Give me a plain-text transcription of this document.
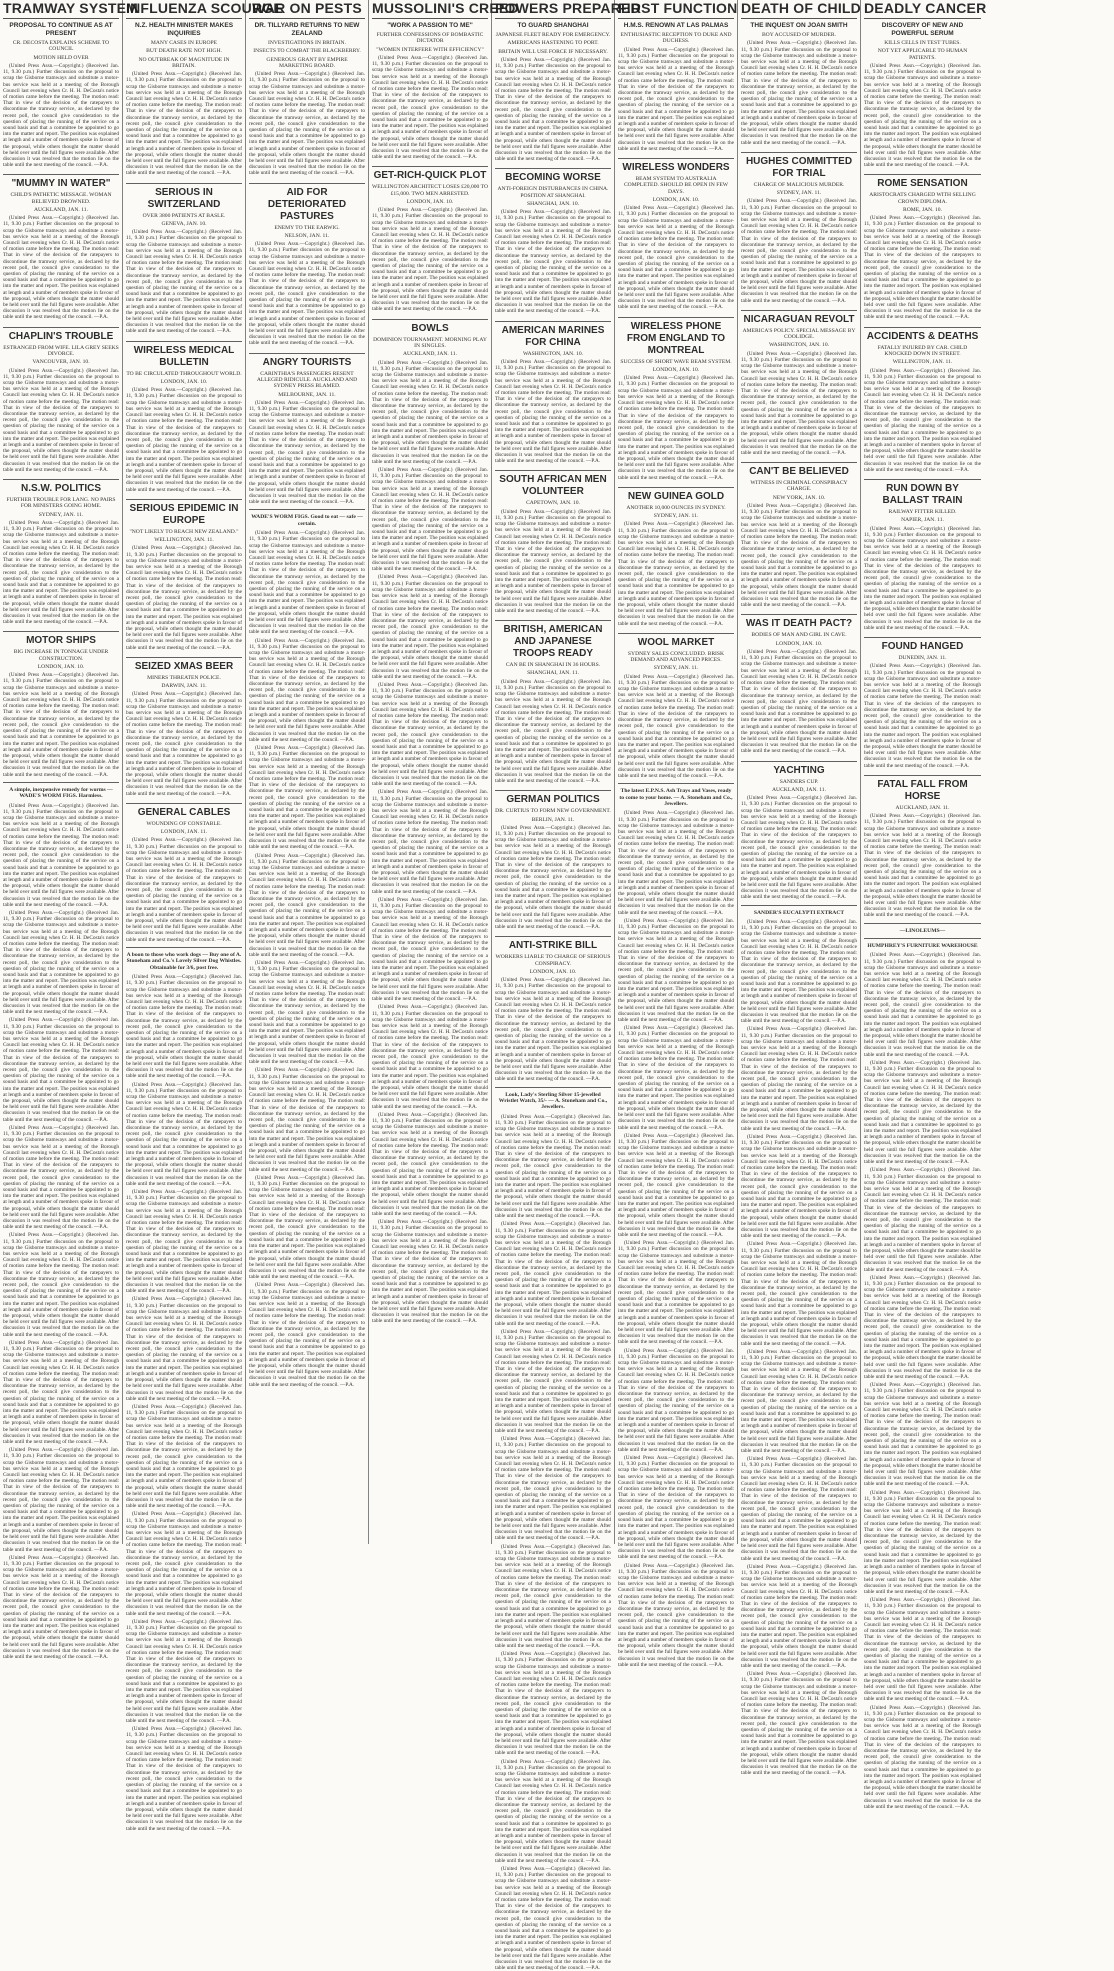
TRAMWAY SYSTEM
PROPOSAL TO CONTINUE AS AT PRESENT
CR. DECOSTA EXPLAINS SCHEME TO COUNCIL
MOTION HELD OVER

(United Press Assn.—Copyright.) (Received Jan. 11, 9.30 p.m.) Further discussion on the proposal to scrap the Gisborne tramways and substitute a motor-bus service was held at a meeting of the Borough Council last evening when Cr. H. H. DeCosta's notice of motion came before the meeting. The motion read: That in view of the decision of the ratepayers to discontinue the tramway service, as declared by the recent poll, the council give consideration to the question of placing the running of the service on a sound basis and that a committee be appointed to go into the matter and report. The position was explained at length and a number of members spoke in favour of the proposal, while others thought the matter should be held over until the full figures were available. After discussion it was resolved that the motion lie on the table until the next meeting of the council. —P.A.

"MUMMY IN WATER"
CHILD'S PATHETIC MESSAGE. WOMAN BELIEVED DROWNED.
AUCKLAND, JAN. 11.

(United Press Assn.—Copyright.) (Received Jan. 11, 9.30 p.m.) Further discussion on the proposal to scrap the Gisborne tramways and substitute a motor-bus service was held at a meeting of the Borough Council last evening when Cr. H. H. DeCosta's notice of motion came before the meeting. The motion read: That in view of the decision of the ratepayers to discontinue the tramway service, as declared by the recent poll, the council give consideration to the question of placing the running of the service on a sound basis and that a committee be appointed to go into the matter and report. The position was explained at length and a number of members spoke in favour of the proposal, while others thought the matter should be held over until the full figures were available. After discussion it was resolved that the motion lie on the table until the next meeting of the council. —P.A.

CHAPLIN'S TROUBLE
ESTRANGED FROM WIFE. LILA GREY SEEKS DIVORCE.
VANCOUVER, JAN. 10.

(United Press Assn.—Copyright.) (Received Jan. 11, 9.30 p.m.) Further discussion on the proposal to scrap the Gisborne tramways and substitute a motor-bus service was held at a meeting of the Borough Council last evening when Cr. H. H. DeCosta's notice of motion came before the meeting. The motion read: That in view of the decision of the ratepayers to discontinue the tramway service, as declared by the recent poll, the council give consideration to the question of placing the running of the service on a sound basis and that a committee be appointed to go into the matter and report. The position was explained at length and a number of members spoke in favour of the proposal, while others thought the matter should be held over until the full figures were available. After discussion it was resolved that the motion lie on the table until the next meeting of the council. —P.A.

N.S.W. POLITICS
FURTHER TROUBLE FOR LANG. NO PAIRS FOR MINISTERS GOING HOME.
SYDNEY, JAN. 11.

(United Press Assn.—Copyright.) (Received Jan. 11, 9.30 p.m.) Further discussion on the proposal to scrap the Gisborne tramways and substitute a motor-bus service was held at a meeting of the Borough Council last evening when Cr. H. H. DeCosta's notice of motion came before the meeting. The motion read: That in view of the decision of the ratepayers to discontinue the tramway service, as declared by the recent poll, the council give consideration to the question of placing the running of the service on a sound basis and that a committee be appointed to go into the matter and report. The position was explained at length and a number of members spoke in favour of the proposal, while others thought the matter should be held over until the full figures were available. After discussion it was resolved that the motion lie on the table until the next meeting of the council. —P.A.

MOTOR SHIPS
BIG INCREASE IN TONNAGE UNDER CONSTRUCTION.
LONDON, JAN. 10.

(United Press Assn.—Copyright.) (Received Jan. 11, 9.30 p.m.) Further discussion on the proposal to scrap the Gisborne tramways and substitute a motor-bus service was held at a meeting of the Borough Council last evening when Cr. H. H. DeCosta's notice of motion came before the meeting. The motion read: That in view of the decision of the ratepayers to discontinue the tramway service, as declared by the recent poll, the council give consideration to the question of placing the running of the service on a sound basis and that a committee be appointed to go into the matter and report. The position was explained at length and a number of members spoke in favour of the proposal, while others thought the matter should be held over until the full figures were available. After discussion it was resolved that the motion lie on the table until the next meeting of the council. —P.A.

A simple, inexpensive remedy for worms — WADE'S WORM FIGS. Harmless.

(United Press Assn.—Copyright.) (Received Jan. 11, 9.30 p.m.) Further discussion on the proposal to scrap the Gisborne tramways and substitute a motor-bus service was held at a meeting of the Borough Council last evening when Cr. H. H. DeCosta's notice of motion came before the meeting. The motion read: That in view of the decision of the ratepayers to discontinue the tramway service, as declared by the recent poll, the council give consideration to the question of placing the running of the service on a sound basis and that a committee be appointed to go into the matter and report. The position was explained at length and a number of members spoke in favour of the proposal, while others thought the matter should be held over until the full figures were available. After discussion it was resolved that the motion lie on the table until the next meeting of the council. —P.A.

(United Press Assn.—Copyright.) (Received Jan. 11, 9.30 p.m.) Further discussion on the proposal to scrap the Gisborne tramways and substitute a motor-bus service was held at a meeting of the Borough Council last evening when Cr. H. H. DeCosta's notice of motion came before the meeting. The motion read: That in view of the decision of the ratepayers to discontinue the tramway service, as declared by the recent poll, the council give consideration to the question of placing the running of the service on a sound basis and that a committee be appointed to go into the matter and report. The position was explained at length and a number of members spoke in favour of the proposal, while others thought the matter should be held over until the full figures were available. After discussion it was resolved that the motion lie on the table until the next meeting of the council. —P.A.

(United Press Assn.—Copyright.) (Received Jan. 11, 9.30 p.m.) Further discussion on the proposal to scrap the Gisborne tramways and substitute a motor-bus service was held at a meeting of the Borough Council last evening when Cr. H. H. DeCosta's notice of motion came before the meeting. The motion read: That in view of the decision of the ratepayers to discontinue the tramway service, as declared by the recent poll, the council give consideration to the question of placing the running of the service on a sound basis and that a committee be appointed to go into the matter and report. The position was explained at length and a number of members spoke in favour of the proposal, while others thought the matter should be held over until the full figures were available. After discussion it was resolved that the motion lie on the table until the next meeting of the council. —P.A.

(United Press Assn.—Copyright.) (Received Jan. 11, 9.30 p.m.) Further discussion on the proposal to scrap the Gisborne tramways and substitute a motor-bus service was held at a meeting of the Borough Council last evening when Cr. H. H. DeCosta's notice of motion came before the meeting. The motion read: That in view of the decision of the ratepayers to discontinue the tramway service, as declared by the recent poll, the council give consideration to the question of placing the running of the service on a sound basis and that a committee be appointed to go into the matter and report. The position was explained at length and a number of members spoke in favour of the proposal, while others thought the matter should be held over until the full figures were available. After discussion it was resolved that the motion lie on the table until the next meeting of the council. —P.A.

(United Press Assn.—Copyright.) (Received Jan. 11, 9.30 p.m.) Further discussion on the proposal to scrap the Gisborne tramways and substitute a motor-bus service was held at a meeting of the Borough Council last evening when Cr. H. H. DeCosta's notice of motion came before the meeting. The motion read: That in view of the decision of the ratepayers to discontinue the tramway service, as declared by the recent poll, the council give consideration to the question of placing the running of the service on a sound basis and that a committee be appointed to go into the matter and report. The position was explained at length and a number of members spoke in favour of the proposal, while others thought the matter should be held over until the full figures were available. After discussion it was resolved that the motion lie on the table until the next meeting of the council. —P.A.

(United Press Assn.—Copyright.) (Received Jan. 11, 9.30 p.m.) Further discussion on the proposal to scrap the Gisborne tramways and substitute a motor-bus service was held at a meeting of the Borough Council last evening when Cr. H. H. DeCosta's notice of motion came before the meeting. The motion read: That in view of the decision of the ratepayers to discontinue the tramway service, as declared by the recent poll, the council give consideration to the question of placing the running of the service on a sound basis and that a committee be appointed to go into the matter and report. The position was explained at length and a number of members spoke in favour of the proposal, while others thought the matter should be held over until the full figures were available. After discussion it was resolved that the motion lie on the table until the next meeting of the council. —P.A.

(United Press Assn.—Copyright.) (Received Jan. 11, 9.30 p.m.) Further discussion on the proposal to scrap the Gisborne tramways and substitute a motor-bus service was held at a meeting of the Borough Council last evening when Cr. H. H. DeCosta's notice of motion came before the meeting. The motion read: That in view of the decision of the ratepayers to discontinue the tramway service, as declared by the recent poll, the council give consideration to the question of placing the running of the service on a sound basis and that a committee be appointed to go into the matter and report. The position was explained at length and a number of members spoke in favour of the proposal, while others thought the matter should be held over until the full figures were available. After discussion it was resolved that the motion lie on the table until the next meeting of the council. —P.A.

(United Press Assn.—Copyright.) (Received Jan. 11, 9.30 p.m.) Further discussion on the proposal to scrap the Gisborne tramways and substitute a motor-bus service was held at a meeting of the Borough Council last evening when Cr. H. H. DeCosta's notice of motion came before the meeting. The motion read: That in view of the decision of the ratepayers to discontinue the tramway service, as declared by the recent poll, the council give consideration to the question of placing the running of the service on a sound basis and that a committee be appointed to go into the matter and report. The position was explained at length and a number of members spoke in favour of the proposal, while others thought the matter should be held over until the full figures were available. After discussion it was resolved that the motion lie on the table until the next meeting of the council. —P.A.

INFLUENZA SCOURGE
N.Z. HEALTH MINISTER MAKES INQUIRIES
MANY CASES IN EUROPE
BUT DEATH RATE NOT HIGH.
NO OUTBREAK OF MAGNITUDE IN BRITAIN.

(United Press Assn.—Copyright.) (Received Jan. 11, 9.30 p.m.) Further discussion on the proposal to scrap the Gisborne tramways and substitute a motor-bus service was held at a meeting of the Borough Council last evening when Cr. H. H. DeCosta's notice of motion came before the meeting. The motion read: That in view of the decision of the ratepayers to discontinue the tramway service, as declared by the recent poll, the council give consideration to the question of placing the running of the service on a sound basis and that a committee be appointed to go into the matter and report. The position was explained at length and a number of members spoke in favour of the proposal, while others thought the matter should be held over until the full figures were available. After discussion it was resolved that the motion lie on the table until the next meeting of the council. —P.A.

SERIOUS IN SWITZERLAND
OVER 3800 PATIENTS AT BASLE.
GENEVA, JAN. 10.

(United Press Assn.—Copyright.) (Received Jan. 11, 9.30 p.m.) Further discussion on the proposal to scrap the Gisborne tramways and substitute a motor-bus service was held at a meeting of the Borough Council last evening when Cr. H. H. DeCosta's notice of motion came before the meeting. The motion read: That in view of the decision of the ratepayers to discontinue the tramway service, as declared by the recent poll, the council give consideration to the question of placing the running of the service on a sound basis and that a committee be appointed to go into the matter and report. The position was explained at length and a number of members spoke in favour of the proposal, while others thought the matter should be held over until the full figures were available. After discussion it was resolved that the motion lie on the table until the next meeting of the council. —P.A.

WIRELESS MEDICAL BULLETIN
TO BE CIRCULATED THROUGHOUT WORLD.
LONDON, JAN. 10.

(United Press Assn.—Copyright.) (Received Jan. 11, 9.30 p.m.) Further discussion on the proposal to scrap the Gisborne tramways and substitute a motor-bus service was held at a meeting of the Borough Council last evening when Cr. H. H. DeCosta's notice of motion came before the meeting. The motion read: That in view of the decision of the ratepayers to discontinue the tramway service, as declared by the recent poll, the council give consideration to the question of placing the running of the service on a sound basis and that a committee be appointed to go into the matter and report. The position was explained at length and a number of members spoke in favour of the proposal, while others thought the matter should be held over until the full figures were available. After discussion it was resolved that the motion lie on the table until the next meeting of the council. —P.A.

SERIOUS EPIDEMIC IN EUROPE
"NOT LIKELY TO REACH NEW ZEALAND."
WELLINGTON, JAN. 11.

(United Press Assn.—Copyright.) (Received Jan. 11, 9.30 p.m.) Further discussion on the proposal to scrap the Gisborne tramways and substitute a motor-bus service was held at a meeting of the Borough Council last evening when Cr. H. H. DeCosta's notice of motion came before the meeting. The motion read: That in view of the decision of the ratepayers to discontinue the tramway service, as declared by the recent poll, the council give consideration to the question of placing the running of the service on a sound basis and that a committee be appointed to go into the matter and report. The position was explained at length and a number of members spoke in favour of the proposal, while others thought the matter should be held over until the full figures were available. After discussion it was resolved that the motion lie on the table until the next meeting of the council. —P.A.

SEIZED XMAS BEER
MINERS THREATEN POLICE.
DARWIN, JAN. 11.

(United Press Assn.—Copyright.) (Received Jan. 11, 9.30 p.m.) Further discussion on the proposal to scrap the Gisborne tramways and substitute a motor-bus service was held at a meeting of the Borough Council last evening when Cr. H. H. DeCosta's notice of motion came before the meeting. The motion read: That in view of the decision of the ratepayers to discontinue the tramway service, as declared by the recent poll, the council give consideration to the question of placing the running of the service on a sound basis and that a committee be appointed to go into the matter and report. The position was explained at length and a number of members spoke in favour of the proposal, while others thought the matter should be held over until the full figures were available. After discussion it was resolved that the motion lie on the table until the next meeting of the council. —P.A.

GENERAL CABLES
WOUNDING OF CONSTABLE.
LONDON, JAN. 11.

(United Press Assn.—Copyright.) (Received Jan. 11, 9.30 p.m.) Further discussion on the proposal to scrap the Gisborne tramways and substitute a motor-bus service was held at a meeting of the Borough Council last evening when Cr. H. H. DeCosta's notice of motion came before the meeting. The motion read: That in view of the decision of the ratepayers to discontinue the tramway service, as declared by the recent poll, the council give consideration to the question of placing the running of the service on a sound basis and that a committee be appointed to go into the matter and report. The position was explained at length and a number of members spoke in favour of the proposal, while others thought the matter should be held over until the full figures were available. After discussion it was resolved that the motion lie on the table until the next meeting of the council. —P.A.

A boon to those who work dogs — Buy one of A. Stoneham and Co.'s Lovely Silver Dog Whistles. Obtainable for 3/6, post free.

(United Press Assn.—Copyright.) (Received Jan. 11, 9.30 p.m.) Further discussion on the proposal to scrap the Gisborne tramways and substitute a motor-bus service was held at a meeting of the Borough Council last evening when Cr. H. H. DeCosta's notice of motion came before the meeting. The motion read: That in view of the decision of the ratepayers to discontinue the tramway service, as declared by the recent poll, the council give consideration to the question of placing the running of the service on a sound basis and that a committee be appointed to go into the matter and report. The position was explained at length and a number of members spoke in favour of the proposal, while others thought the matter should be held over until the full figures were available. After discussion it was resolved that the motion lie on the table until the next meeting of the council. —P.A.

(United Press Assn.—Copyright.) (Received Jan. 11, 9.30 p.m.) Further discussion on the proposal to scrap the Gisborne tramways and substitute a motor-bus service was held at a meeting of the Borough Council last evening when Cr. H. H. DeCosta's notice of motion came before the meeting. The motion read: That in view of the decision of the ratepayers to discontinue the tramway service, as declared by the recent poll, the council give consideration to the question of placing the running of the service on a sound basis and that a committee be appointed to go into the matter and report. The position was explained at length and a number of members spoke in favour of the proposal, while others thought the matter should be held over until the full figures were available. After discussion it was resolved that the motion lie on the table until the next meeting of the council. —P.A.

(United Press Assn.—Copyright.) (Received Jan. 11, 9.30 p.m.) Further discussion on the proposal to scrap the Gisborne tramways and substitute a motor-bus service was held at a meeting of the Borough Council last evening when Cr. H. H. DeCosta's notice of motion came before the meeting. The motion read: That in view of the decision of the ratepayers to discontinue the tramway service, as declared by the recent poll, the council give consideration to the question of placing the running of the service on a sound basis and that a committee be appointed to go into the matter and report. The position was explained at length and a number of members spoke in favour of the proposal, while others thought the matter should be held over until the full figures were available. After discussion it was resolved that the motion lie on the table until the next meeting of the council. —P.A.

(United Press Assn.—Copyright.) (Received Jan. 11, 9.30 p.m.) Further discussion on the proposal to scrap the Gisborne tramways and substitute a motor-bus service was held at a meeting of the Borough Council last evening when Cr. H. H. DeCosta's notice of motion came before the meeting. The motion read: That in view of the decision of the ratepayers to discontinue the tramway service, as declared by the recent poll, the council give consideration to the question of placing the running of the service on a sound basis and that a committee be appointed to go into the matter and report. The position was explained at length and a number of members spoke in favour of the proposal, while others thought the matter should be held over until the full figures were available. After discussion it was resolved that the motion lie on the table until the next meeting of the council. —P.A.

(United Press Assn.—Copyright.) (Received Jan. 11, 9.30 p.m.) Further discussion on the proposal to scrap the Gisborne tramways and substitute a motor-bus service was held at a meeting of the Borough Council last evening when Cr. H. H. DeCosta's notice of motion came before the meeting. The motion read: That in view of the decision of the ratepayers to discontinue the tramway service, as declared by the recent poll, the council give consideration to the question of placing the running of the service on a sound basis and that a committee be appointed to go into the matter and report. The position was explained at length and a number of members spoke in favour of the proposal, while others thought the matter should be held over until the full figures were available. After discussion it was resolved that the motion lie on the table until the next meeting of the council. —P.A.

(United Press Assn.—Copyright.) (Received Jan. 11, 9.30 p.m.) Further discussion on the proposal to scrap the Gisborne tramways and substitute a motor-bus service was held at a meeting of the Borough Council last evening when Cr. H. H. DeCosta's notice of motion came before the meeting. The motion read: That in view of the decision of the ratepayers to discontinue the tramway service, as declared by the recent poll, the council give consideration to the question of placing the running of the service on a sound basis and that a committee be appointed to go into the matter and report. The position was explained at length and a number of members spoke in favour of the proposal, while others thought the matter should be held over until the full figures were available. After discussion it was resolved that the motion lie on the table until the next meeting of the council. —P.A.

(United Press Assn.—Copyright.) (Received Jan. 11, 9.30 p.m.) Further discussion on the proposal to scrap the Gisborne tramways and substitute a motor-bus service was held at a meeting of the Borough Council last evening when Cr. H. H. DeCosta's notice of motion came before the meeting. The motion read: That in view of the decision of the ratepayers to discontinue the tramway service, as declared by the recent poll, the council give consideration to the question of placing the running of the service on a sound basis and that a committee be appointed to go into the matter and report. The position was explained at length and a number of members spoke in favour of the proposal, while others thought the matter should be held over until the full figures were available. After discussion it was resolved that the motion lie on the table until the next meeting of the council. —P.A.

(United Press Assn.—Copyright.) (Received Jan. 11, 9.30 p.m.) Further discussion on the proposal to scrap the Gisborne tramways and substitute a motor-bus service was held at a meeting of the Borough Council last evening when Cr. H. H. DeCosta's notice of motion came before the meeting. The motion read: That in view of the decision of the ratepayers to discontinue the tramway service, as declared by the recent poll, the council give consideration to the question of placing the running of the service on a sound basis and that a committee be appointed to go into the matter and report. The position was explained at length and a number of members spoke in favour of the proposal, while others thought the matter should be held over until the full figures were available. After discussion it was resolved that the motion lie on the table until the next meeting of the council. —P.A.

WAR ON PESTS
DR. TILLYARD RETURNS TO NEW ZEALAND
INVESTIGATIONS IN BRITAIN.
INSECTS TO COMBAT THE BLACKBERRY.
GENEROUS GRANT BY EMPIRE MARKETING BOARD.

(United Press Assn.—Copyright.) (Received Jan. 11, 9.30 p.m.) Further discussion on the proposal to scrap the Gisborne tramways and substitute a motor-bus service was held at a meeting of the Borough Council last evening when Cr. H. H. DeCosta's notice of motion came before the meeting. The motion read: That in view of the decision of the ratepayers to discontinue the tramway service, as declared by the recent poll, the council give consideration to the question of placing the running of the service on a sound basis and that a committee be appointed to go into the matter and report. The position was explained at length and a number of members spoke in favour of the proposal, while others thought the matter should be held over until the full figures were available. After discussion it was resolved that the motion lie on the table until the next meeting of the council. —P.A.

AID FOR DETERIORATED PASTURES
ENEMY TO THE EARWIG.
NELSON, JAN. 11.

(United Press Assn.—Copyright.) (Received Jan. 11, 9.30 p.m.) Further discussion on the proposal to scrap the Gisborne tramways and substitute a motor-bus service was held at a meeting of the Borough Council last evening when Cr. H. H. DeCosta's notice of motion came before the meeting. The motion read: That in view of the decision of the ratepayers to discontinue the tramway service, as declared by the recent poll, the council give consideration to the question of placing the running of the service on a sound basis and that a committee be appointed to go into the matter and report. The position was explained at length and a number of members spoke in favour of the proposal, while others thought the matter should be held over until the full figures were available. After discussion it was resolved that the motion lie on the table until the next meeting of the council. —P.A.

ANGRY TOURISTS
CARINTHIA'S PASSENGERS RESENT ALLEGED RIDICULE. AUCKLAND AND SYDNEY PRESS BLAMED.
MELBOURNE, JAN. 11.

(United Press Assn.—Copyright.) (Received Jan. 11, 9.30 p.m.) Further discussion on the proposal to scrap the Gisborne tramways and substitute a motor-bus service was held at a meeting of the Borough Council last evening when Cr. H. H. DeCosta's notice of motion came before the meeting. The motion read: That in view of the decision of the ratepayers to discontinue the tramway service, as declared by the recent poll, the council give consideration to the question of placing the running of the service on a sound basis and that a committee be appointed to go into the matter and report. The position was explained at length and a number of members spoke in favour of the proposal, while others thought the matter should be held over until the full figures were available. After discussion it was resolved that the motion lie on the table until the next meeting of the council. —P.A.

WADE'S WORM FIGS. Good to eat — safe — certain.

(United Press Assn.—Copyright.) (Received Jan. 11, 9.30 p.m.) Further discussion on the proposal to scrap the Gisborne tramways and substitute a motor-bus service was held at a meeting of the Borough Council last evening when Cr. H. H. DeCosta's notice of motion came before the meeting. The motion read: That in view of the decision of the ratepayers to discontinue the tramway service, as declared by the recent poll, the council give consideration to the question of placing the running of the service on a sound basis and that a committee be appointed to go into the matter and report. The position was explained at length and a number of members spoke in favour of the proposal, while others thought the matter should be held over until the full figures were available. After discussion it was resolved that the motion lie on the table until the next meeting of the council. —P.A.

(United Press Assn.—Copyright.) (Received Jan. 11, 9.30 p.m.) Further discussion on the proposal to scrap the Gisborne tramways and substitute a motor-bus service was held at a meeting of the Borough Council last evening when Cr. H. H. DeCosta's notice of motion came before the meeting. The motion read: That in view of the decision of the ratepayers to discontinue the tramway service, as declared by the recent poll, the council give consideration to the question of placing the running of the service on a sound basis and that a committee be appointed to go into the matter and report. The position was explained at length and a number of members spoke in favour of the proposal, while others thought the matter should be held over until the full figures were available. After discussion it was resolved that the motion lie on the table until the next meeting of the council. —P.A.

(United Press Assn.—Copyright.) (Received Jan. 11, 9.30 p.m.) Further discussion on the proposal to scrap the Gisborne tramways and substitute a motor-bus service was held at a meeting of the Borough Council last evening when Cr. H. H. DeCosta's notice of motion came before the meeting. The motion read: That in view of the decision of the ratepayers to discontinue the tramway service, as declared by the recent poll, the council give consideration to the question of placing the running of the service on a sound basis and that a committee be appointed to go into the matter and report. The position was explained at length and a number of members spoke in favour of the proposal, while others thought the matter should be held over until the full figures were available. After discussion it was resolved that the motion lie on the table until the next meeting of the council. —P.A.

(United Press Assn.—Copyright.) (Received Jan. 11, 9.30 p.m.) Further discussion on the proposal to scrap the Gisborne tramways and substitute a motor-bus service was held at a meeting of the Borough Council last evening when Cr. H. H. DeCosta's notice of motion came before the meeting. The motion read: That in view of the decision of the ratepayers to discontinue the tramway service, as declared by the recent poll, the council give consideration to the question of placing the running of the service on a sound basis and that a committee be appointed to go into the matter and report. The position was explained at length and a number of members spoke in favour of the proposal, while others thought the matter should be held over until the full figures were available. After discussion it was resolved that the motion lie on the table until the next meeting of the council. —P.A.

(United Press Assn.—Copyright.) (Received Jan. 11, 9.30 p.m.) Further discussion on the proposal to scrap the Gisborne tramways and substitute a motor-bus service was held at a meeting of the Borough Council last evening when Cr. H. H. DeCosta's notice of motion came before the meeting. The motion read: That in view of the decision of the ratepayers to discontinue the tramway service, as declared by the recent poll, the council give consideration to the question of placing the running of the service on a sound basis and that a committee be appointed to go into the matter and report. The position was explained at length and a number of members spoke in favour of the proposal, while others thought the matter should be held over until the full figures were available. After discussion it was resolved that the motion lie on the table until the next meeting of the council. —P.A.

(United Press Assn.—Copyright.) (Received Jan. 11, 9.30 p.m.) Further discussion on the proposal to scrap the Gisborne tramways and substitute a motor-bus service was held at a meeting of the Borough Council last evening when Cr. H. H. DeCosta's notice of motion came before the meeting. The motion read: That in view of the decision of the ratepayers to discontinue the tramway service, as declared by the recent poll, the council give consideration to the question of placing the running of the service on a sound basis and that a committee be appointed to go into the matter and report. The position was explained at length and a number of members spoke in favour of the proposal, while others thought the matter should be held over until the full figures were available. After discussion it was resolved that the motion lie on the table until the next meeting of the council. —P.A.

(United Press Assn.—Copyright.) (Received Jan. 11, 9.30 p.m.) Further discussion on the proposal to scrap the Gisborne tramways and substitute a motor-bus service was held at a meeting of the Borough Council last evening when Cr. H. H. DeCosta's notice of motion came before the meeting. The motion read: That in view of the decision of the ratepayers to discontinue the tramway service, as declared by the recent poll, the council give consideration to the question of placing the running of the service on a sound basis and that a committee be appointed to go into the matter and report. The position was explained at length and a number of members spoke in favour of the proposal, while others thought the matter should be held over until the full figures were available. After discussion it was resolved that the motion lie on the table until the next meeting of the council. —P.A.

(United Press Assn.—Copyright.) (Received Jan. 11, 9.30 p.m.) Further discussion on the proposal to scrap the Gisborne tramways and substitute a motor-bus service was held at a meeting of the Borough Council last evening when Cr. H. H. DeCosta's notice of motion came before the meeting. The motion read: That in view of the decision of the ratepayers to discontinue the tramway service, as declared by the recent poll, the council give consideration to the question of placing the running of the service on a sound basis and that a committee be appointed to go into the matter and report. The position was explained at length and a number of members spoke in favour of the proposal, while others thought the matter should be held over until the full figures were available. After discussion it was resolved that the motion lie on the table until the next meeting of the council. —P.A.

MUSSOLINI'S CREED
"WORK A PASSION TO ME"
FURTHER CONFESSIONS OF BOMBASTIC DICTATOR
"WOMEN INTERFERE WITH EFFICIENCY"

(United Press Assn.—Copyright.) (Received Jan. 11, 9.30 p.m.) Further discussion on the proposal to scrap the Gisborne tramways and substitute a motor-bus service was held at a meeting of the Borough Council last evening when Cr. H. H. DeCosta's notice of motion came before the meeting. The motion read: That in view of the decision of the ratepayers to discontinue the tramway service, as declared by the recent poll, the council give consideration to the question of placing the running of the service on a sound basis and that a committee be appointed to go into the matter and report. The position was explained at length and a number of members spoke in favour of the proposal, while others thought the matter should be held over until the full figures were available. After discussion it was resolved that the motion lie on the table until the next meeting of the council. —P.A.

GET-RICH-QUICK PLOT
WELLINGTON ARCHITECT LOSES £20,000 TO £15,000. TWO MEN ARRESTED.
LONDON, JAN. 10.

(United Press Assn.—Copyright.) (Received Jan. 11, 9.30 p.m.) Further discussion on the proposal to scrap the Gisborne tramways and substitute a motor-bus service was held at a meeting of the Borough Council last evening when Cr. H. H. DeCosta's notice of motion came before the meeting. The motion read: That in view of the decision of the ratepayers to discontinue the tramway service, as declared by the recent poll, the council give consideration to the question of placing the running of the service on a sound basis and that a committee be appointed to go into the matter and report. The position was explained at length and a number of members spoke in favour of the proposal, while others thought the matter should be held over until the full figures were available. After discussion it was resolved that the motion lie on the table until the next meeting of the council. —P.A.

BOWLS
DOMINION TOURNAMENT. MORNING PLAY IN SINGLES.
AUCKLAND, JAN. 11.

(United Press Assn.—Copyright.) (Received Jan. 11, 9.30 p.m.) Further discussion on the proposal to scrap the Gisborne tramways and substitute a motor-bus service was held at a meeting of the Borough Council last evening when Cr. H. H. DeCosta's notice of motion came before the meeting. The motion read: That in view of the decision of the ratepayers to discontinue the tramway service, as declared by the recent poll, the council give consideration to the question of placing the running of the service on a sound basis and that a committee be appointed to go into the matter and report. The position was explained at length and a number of members spoke in favour of the proposal, while others thought the matter should be held over until the full figures were available. After discussion it was resolved that the motion lie on the table until the next meeting of the council. —P.A.

(United Press Assn.—Copyright.) (Received Jan. 11, 9.30 p.m.) Further discussion on the proposal to scrap the Gisborne tramways and substitute a motor-bus service was held at a meeting of the Borough Council last evening when Cr. H. H. DeCosta's notice of motion came before the meeting. The motion read: That in view of the decision of the ratepayers to discontinue the tramway service, as declared by the recent poll, the council give consideration to the question of placing the running of the service on a sound basis and that a committee be appointed to go into the matter and report. The position was explained at length and a number of members spoke in favour of the proposal, while others thought the matter should be held over until the full figures were available. After discussion it was resolved that the motion lie on the table until the next meeting of the council. —P.A.

(United Press Assn.—Copyright.) (Received Jan. 11, 9.30 p.m.) Further discussion on the proposal to scrap the Gisborne tramways and substitute a motor-bus service was held at a meeting of the Borough Council last evening when Cr. H. H. DeCosta's notice of motion came before the meeting. The motion read: That in view of the decision of the ratepayers to discontinue the tramway service, as declared by the recent poll, the council give consideration to the question of placing the running of the service on a sound basis and that a committee be appointed to go into the matter and report. The position was explained at length and a number of members spoke in favour of the proposal, while others thought the matter should be held over until the full figures were available. After discussion it was resolved that the motion lie on the table until the next meeting of the council. —P.A.

(United Press Assn.—Copyright.) (Received Jan. 11, 9.30 p.m.) Further discussion on the proposal to scrap the Gisborne tramways and substitute a motor-bus service was held at a meeting of the Borough Council last evening when Cr. H. H. DeCosta's notice of motion came before the meeting. The motion read: That in view of the decision of the ratepayers to discontinue the tramway service, as declared by the recent poll, the council give consideration to the question of placing the running of the service on a sound basis and that a committee be appointed to go into the matter and report. The position was explained at length and a number of members spoke in favour of the proposal, while others thought the matter should be held over until the full figures were available. After discussion it was resolved that the motion lie on the table until the next meeting of the council. —P.A.

(United Press Assn.—Copyright.) (Received Jan. 11, 9.30 p.m.) Further discussion on the proposal to scrap the Gisborne tramways and substitute a motor-bus service was held at a meeting of the Borough Council last evening when Cr. H. H. DeCosta's notice of motion came before the meeting. The motion read: That in view of the decision of the ratepayers to discontinue the tramway service, as declared by the recent poll, the council give consideration to the question of placing the running of the service on a sound basis and that a committee be appointed to go into the matter and report. The position was explained at length and a number of members spoke in favour of the proposal, while others thought the matter should be held over until the full figures were available. After discussion it was resolved that the motion lie on the table until the next meeting of the council. —P.A.

(United Press Assn.—Copyright.) (Received Jan. 11, 9.30 p.m.) Further discussion on the proposal to scrap the Gisborne tramways and substitute a motor-bus service was held at a meeting of the Borough Council last evening when Cr. H. H. DeCosta's notice of motion came before the meeting. The motion read: That in view of the decision of the ratepayers to discontinue the tramway service, as declared by the recent poll, the council give consideration to the question of placing the running of the service on a sound basis and that a committee be appointed to go into the matter and report. The position was explained at length and a number of members spoke in favour of the proposal, while others thought the matter should be held over until the full figures were available. After discussion it was resolved that the motion lie on the table until the next meeting of the council. —P.A.

(United Press Assn.—Copyright.) (Received Jan. 11, 9.30 p.m.) Further discussion on the proposal to scrap the Gisborne tramways and substitute a motor-bus service was held at a meeting of the Borough Council last evening when Cr. H. H. DeCosta's notice of motion came before the meeting. The motion read: That in view of the decision of the ratepayers to discontinue the tramway service, as declared by the recent poll, the council give consideration to the question of placing the running of the service on a sound basis and that a committee be appointed to go into the matter and report. The position was explained at length and a number of members spoke in favour of the proposal, while others thought the matter should be held over until the full figures were available. After discussion it was resolved that the motion lie on the table until the next meeting of the council. —P.A.

(United Press Assn.—Copyright.) (Received Jan. 11, 9.30 p.m.) Further discussion on the proposal to scrap the Gisborne tramways and substitute a motor-bus service was held at a meeting of the Borough Council last evening when Cr. H. H. DeCosta's notice of motion came before the meeting. The motion read: That in view of the decision of the ratepayers to discontinue the tramway service, as declared by the recent poll, the council give consideration to the question of placing the running of the service on a sound basis and that a committee be appointed to go into the matter and report. The position was explained at length and a number of members spoke in favour of the proposal, while others thought the matter should be held over until the full figures were available. After discussion it was resolved that the motion lie on the table until the next meeting of the council. —P.A.

(United Press Assn.—Copyright.) (Received Jan. 11, 9.30 p.m.) Further discussion on the proposal to scrap the Gisborne tramways and substitute a motor-bus service was held at a meeting of the Borough Council last evening when Cr. H. H. DeCosta's notice of motion came before the meeting. The motion read: That in view of the decision of the ratepayers to discontinue the tramway service, as declared by the recent poll, the council give consideration to the question of placing the running of the service on a sound basis and that a committee be appointed to go into the matter and report. The position was explained at length and a number of members spoke in favour of the proposal, while others thought the matter should be held over until the full figures were available. After discussion it was resolved that the motion lie on the table until the next meeting of the council. —P.A.

POWERS PREPARED
TO GUARD SHANGHAI
JAPANESE FLEET READY FOR EMERGENCY.
AMERICANS HASTENING TO PORT.
BRITAIN WILL USE FORCE IF NECESSARY.

(United Press Assn.—Copyright.) (Received Jan. 11, 9.30 p.m.) Further discussion on the proposal to scrap the Gisborne tramways and substitute a motor-bus service was held at a meeting of the Borough Council last evening when Cr. H. H. DeCosta's notice of motion came before the meeting. The motion read: That in view of the decision of the ratepayers to discontinue the tramway service, as declared by the recent poll, the council give consideration to the question of placing the running of the service on a sound basis and that a committee be appointed to go into the matter and report. The position was explained at length and a number of members spoke in favour of the proposal, while others thought the matter should be held over until the full figures were available. After discussion it was resolved that the motion lie on the table until the next meeting of the council. —P.A.

BECOMING WORSE
ANTI-FOREIGN DISTURBANCES IN CHINA. POSITION AT SHANGHAI.
SHANGHAI, JAN. 10.

(United Press Assn.—Copyright.) (Received Jan. 11, 9.30 p.m.) Further discussion on the proposal to scrap the Gisborne tramways and substitute a motor-bus service was held at a meeting of the Borough Council last evening when Cr. H. H. DeCosta's notice of motion came before the meeting. The motion read: That in view of the decision of the ratepayers to discontinue the tramway service, as declared by the recent poll, the council give consideration to the question of placing the running of the service on a sound basis and that a committee be appointed to go into the matter and report. The position was explained at length and a number of members spoke in favour of the proposal, while others thought the matter should be held over until the full figures were available. After discussion it was resolved that the motion lie on the table until the next meeting of the council. —P.A.

AMERICAN MARINES FOR CHINA
WASHINGTON, JAN. 10.

(United Press Assn.—Copyright.) (Received Jan. 11, 9.30 p.m.) Further discussion on the proposal to scrap the Gisborne tramways and substitute a motor-bus service was held at a meeting of the Borough Council last evening when Cr. H. H. DeCosta's notice of motion came before the meeting. The motion read: That in view of the decision of the ratepayers to discontinue the tramway service, as declared by the recent poll, the council give consideration to the question of placing the running of the service on a sound basis and that a committee be appointed to go into the matter and report. The position was explained at length and a number of members spoke in favour of the proposal, while others thought the matter should be held over until the full figures were available. After discussion it was resolved that the motion lie on the table until the next meeting of the council. —P.A.

SOUTH AFRICAN MEN VOLUNTEER
CAPETOWN, JAN. 10.

(United Press Assn.—Copyright.) (Received Jan. 11, 9.30 p.m.) Further discussion on the proposal to scrap the Gisborne tramways and substitute a motor-bus service was held at a meeting of the Borough Council last evening when Cr. H. H. DeCosta's notice of motion came before the meeting. The motion read: That in view of the decision of the ratepayers to discontinue the tramway service, as declared by the recent poll, the council give consideration to the question of placing the running of the service on a sound basis and that a committee be appointed to go into the matter and report. The position was explained at length and a number of members spoke in favour of the proposal, while others thought the matter should be held over until the full figures were available. After discussion it was resolved that the motion lie on the table until the next meeting of the council. —P.A.

BRITISH, AMERICAN AND JAPANESE TROOPS READY
CAN BE IN SHANGHAI IN 36 HOURS.
SHANGHAI, JAN. 11.

(United Press Assn.—Copyright.) (Received Jan. 11, 9.30 p.m.) Further discussion on the proposal to scrap the Gisborne tramways and substitute a motor-bus service was held at a meeting of the Borough Council last evening when Cr. H. H. DeCosta's notice of motion came before the meeting. The motion read: That in view of the decision of the ratepayers to discontinue the tramway service, as declared by the recent poll, the council give consideration to the question of placing the running of the service on a sound basis and that a committee be appointed to go into the matter and report. The position was explained at length and a number of members spoke in favour of the proposal, while others thought the matter should be held over until the full figures were available. After discussion it was resolved that the motion lie on the table until the next meeting of the council. —P.A.

GERMAN POLITICS
DR. CURTIUS TO FORM NEW GOVERNMENT.
BERLIN, JAN. 11.

(United Press Assn.—Copyright.) (Received Jan. 11, 9.30 p.m.) Further discussion on the proposal to scrap the Gisborne tramways and substitute a motor-bus service was held at a meeting of the Borough Council last evening when Cr. H. H. DeCosta's notice of motion came before the meeting. The motion read: That in view of the decision of the ratepayers to discontinue the tramway service, as declared by the recent poll, the council give consideration to the question of placing the running of the service on a sound basis and that a committee be appointed to go into the matter and report. The position was explained at length and a number of members spoke in favour of the proposal, while others thought the matter should be held over until the full figures were available. After discussion it was resolved that the motion lie on the table until the next meeting of the council. —P.A.

ANTI-STRIKE BILL
WORKERS LIABLE TO CHARGE OF SERIOUS CONSPIRACY.
LONDON, JAN. 10.

(United Press Assn.—Copyright.) (Received Jan. 11, 9.30 p.m.) Further discussion on the proposal to scrap the Gisborne tramways and substitute a motor-bus service was held at a meeting of the Borough Council last evening when Cr. H. H. DeCosta's notice of motion came before the meeting. The motion read: That in view of the decision of the ratepayers to discontinue the tramway service, as declared by the recent poll, the council give consideration to the question of placing the running of the service on a sound basis and that a committee be appointed to go into the matter and report. The position was explained at length and a number of members spoke in favour of the proposal, while others thought the matter should be held over until the full figures were available. After discussion it was resolved that the motion lie on the table until the next meeting of the council. —P.A.

Look, Lady's Sterling Silver 15-jewelled Wristlet Watch, 35/- — A. Stoneham and Co., Jewellers.

(United Press Assn.—Copyright.) (Received Jan. 11, 9.30 p.m.) Further discussion on the proposal to scrap the Gisborne tramways and substitute a motor-bus service was held at a meeting of the Borough Council last evening when Cr. H. H. DeCosta's notice of motion came before the meeting. The motion read: That in view of the decision of the ratepayers to discontinue the tramway service, as declared by the recent poll, the council give consideration to the question of placing the running of the service on a sound basis and that a committee be appointed to go into the matter and report. The position was explained at length and a number of members spoke in favour of the proposal, while others thought the matter should be held over until the full figures were available. After discussion it was resolved that the motion lie on the table until the next meeting of the council. —P.A.

(United Press Assn.—Copyright.) (Received Jan. 11, 9.30 p.m.) Further discussion on the proposal to scrap the Gisborne tramways and substitute a motor-bus service was held at a meeting of the Borough Council last evening when Cr. H. H. DeCosta's notice of motion came before the meeting. The motion read: That in view of the decision of the ratepayers to discontinue the tramway service, as declared by the recent poll, the council give consideration to the question of placing the running of the service on a sound basis and that a committee be appointed to go into the matter and report. The position was explained at length and a number of members spoke in favour of the proposal, while others thought the matter should be held over until the full figures were available. After discussion it was resolved that the motion lie on the table until the next meeting of the council. —P.A.

(United Press Assn.—Copyright.) (Received Jan. 11, 9.30 p.m.) Further discussion on the proposal to scrap the Gisborne tramways and substitute a motor-bus service was held at a meeting of the Borough Council last evening when Cr. H. H. DeCosta's notice of motion came before the meeting. The motion read: That in view of the decision of the ratepayers to discontinue the tramway service, as declared by the recent poll, the council give consideration to the question of placing the running of the service on a sound basis and that a committee be appointed to go into the matter and report. The position was explained at length and a number of members spoke in favour of the proposal, while others thought the matter should be held over until the full figures were available. After discussion it was resolved that the motion lie on the table until the next meeting of the council. —P.A.

(United Press Assn.—Copyright.) (Received Jan. 11, 9.30 p.m.) Further discussion on the proposal to scrap the Gisborne tramways and substitute a motor-bus service was held at a meeting of the Borough Council last evening when Cr. H. H. DeCosta's notice of motion came before the meeting. The motion read: That in view of the decision of the ratepayers to discontinue the tramway service, as declared by the recent poll, the council give consideration to the question of placing the running of the service on a sound basis and that a committee be appointed to go into the matter and report. The position was explained at length and a number of members spoke in favour of the proposal, while others thought the matter should be held over until the full figures were available. After discussion it was resolved that the motion lie on the table until the next meeting of the council. —P.A.

(United Press Assn.—Copyright.) (Received Jan. 11, 9.30 p.m.) Further discussion on the proposal to scrap the Gisborne tramways and substitute a motor-bus service was held at a meeting of the Borough Council last evening when Cr. H. H. DeCosta's notice of motion came before the meeting. The motion read: That in view of the decision of the ratepayers to discontinue the tramway service, as declared by the recent poll, the council give consideration to the question of placing the running of the service on a sound basis and that a committee be appointed to go into the matter and report. The position was explained at length and a number of members spoke in favour of the proposal, while others thought the matter should be held over until the full figures were available. After discussion it was resolved that the motion lie on the table until the next meeting of the council. —P.A.

(United Press Assn.—Copyright.) (Received Jan. 11, 9.30 p.m.) Further discussion on the proposal to scrap the Gisborne tramways and substitute a motor-bus service was held at a meeting of the Borough Council last evening when Cr. H. H. DeCosta's notice of motion came before the meeting. The motion read: That in view of the decision of the ratepayers to discontinue the tramway service, as declared by the recent poll, the council give consideration to the question of placing the running of the service on a sound basis and that a committee be appointed to go into the matter and report. The position was explained at length and a number of members spoke in favour of the proposal, while others thought the matter should be held over until the full figures were available. After discussion it was resolved that the motion lie on the table until the next meeting of the council. —P.A.

(United Press Assn.—Copyright.) (Received Jan. 11, 9.30 p.m.) Further discussion on the proposal to scrap the Gisborne tramways and substitute a motor-bus service was held at a meeting of the Borough Council last evening when Cr. H. H. DeCosta's notice of motion came before the meeting. The motion read: That in view of the decision of the ratepayers to discontinue the tramway service, as declared by the recent poll, the council give consideration to the question of placing the running of the service on a sound basis and that a committee be appointed to go into the matter and report. The position was explained at length and a number of members spoke in favour of the proposal, while others thought the matter should be held over until the full figures were available. After discussion it was resolved that the motion lie on the table until the next meeting of the council. —P.A.

(United Press Assn.—Copyright.) (Received Jan. 11, 9.30 p.m.) Further discussion on the proposal to scrap the Gisborne tramways and substitute a motor-bus service was held at a meeting of the Borough Council last evening when Cr. H. H. DeCosta's notice of motion came before the meeting. The motion read: That in view of the decision of the ratepayers to discontinue the tramway service, as declared by the recent poll, the council give consideration to the question of placing the running of the service on a sound basis and that a committee be appointed to go into the matter and report. The position was explained at length and a number of members spoke in favour of the proposal, while others thought the matter should be held over until the full figures were available. After discussion it was resolved that the motion lie on the table until the next meeting of the council. —P.A.

FIRST FUNCTION
H.M.S. RENOWN AT LAS PALMAS
ENTHUSIASTIC RECEPTION TO DUKE AND DUCHESS.

(United Press Assn.—Copyright.) (Received Jan. 11, 9.30 p.m.) Further discussion on the proposal to scrap the Gisborne tramways and substitute a motor-bus service was held at a meeting of the Borough Council last evening when Cr. H. H. DeCosta's notice of motion came before the meeting. The motion read: That in view of the decision of the ratepayers to discontinue the tramway service, as declared by the recent poll, the council give consideration to the question of placing the running of the service on a sound basis and that a committee be appointed to go into the matter and report. The position was explained at length and a number of members spoke in favour of the proposal, while others thought the matter should be held over until the full figures were available. After discussion it was resolved that the motion lie on the table until the next meeting of the council. —P.A.

WIRELESS WONDERS
BEAM SYSTEM TO AUSTRALIA COMPLETED. SHOULD BE OPEN IN FEW DAYS.
LONDON, JAN. 10.

(United Press Assn.—Copyright.) (Received Jan. 11, 9.30 p.m.) Further discussion on the proposal to scrap the Gisborne tramways and substitute a motor-bus service was held at a meeting of the Borough Council last evening when Cr. H. H. DeCosta's notice of motion came before the meeting. The motion read: That in view of the decision of the ratepayers to discontinue the tramway service, as declared by the recent poll, the council give consideration to the question of placing the running of the service on a sound basis and that a committee be appointed to go into the matter and report. The position was explained at length and a number of members spoke in favour of the proposal, while others thought the matter should be held over until the full figures were available. After discussion it was resolved that the motion lie on the table until the next meeting of the council. —P.A.

WIRELESS PHONE FROM ENGLAND TO MONTREAL
SUCCESS OF SHORT WAVE BEAM SYSTEM.
LONDON, JAN. 10.

(United Press Assn.—Copyright.) (Received Jan. 11, 9.30 p.m.) Further discussion on the proposal to scrap the Gisborne tramways and substitute a motor-bus service was held at a meeting of the Borough Council last evening when Cr. H. H. DeCosta's notice of motion came before the meeting. The motion read: That in view of the decision of the ratepayers to discontinue the tramway service, as declared by the recent poll, the council give consideration to the question of placing the running of the service on a sound basis and that a committee be appointed to go into the matter and report. The position was explained at length and a number of members spoke in favour of the proposal, while others thought the matter should be held over until the full figures were available. After discussion it was resolved that the motion lie on the table until the next meeting of the council. —P.A.

NEW GUINEA GOLD
ANOTHER 10,000 OUNCES IN SYDNEY.
SYDNEY, JAN. 11.

(United Press Assn.—Copyright.) (Received Jan. 11, 9.30 p.m.) Further discussion on the proposal to scrap the Gisborne tramways and substitute a motor-bus service was held at a meeting of the Borough Council last evening when Cr. H. H. DeCosta's notice of motion came before the meeting. The motion read: That in view of the decision of the ratepayers to discontinue the tramway service, as declared by the recent poll, the council give consideration to the question of placing the running of the service on a sound basis and that a committee be appointed to go into the matter and report. The position was explained at length and a number of members spoke in favour of the proposal, while others thought the matter should be held over until the full figures were available. After discussion it was resolved that the motion lie on the table until the next meeting of the council. —P.A.

WOOL MARKET
SYDNEY SALES CONCLUDED. BRISK DEMAND AND ADVANCED PRICES.
SYDNEY, JAN. 11.

(United Press Assn.—Copyright.) (Received Jan. 11, 9.30 p.m.) Further discussion on the proposal to scrap the Gisborne tramways and substitute a motor-bus service was held at a meeting of the Borough Council last evening when Cr. H. H. DeCosta's notice of motion came before the meeting. The motion read: That in view of the decision of the ratepayers to discontinue the tramway service, as declared by the recent poll, the council give consideration to the question of placing the running of the service on a sound basis and that a committee be appointed to go into the matter and report. The position was explained at length and a number of members spoke in favour of the proposal, while others thought the matter should be held over until the full figures were available. After discussion it was resolved that the motion lie on the table until the next meeting of the council. —P.A.

The latest E.P.N.S. Ash Trays and Vases, ready to come to your home. — A. Stoneham and Co., Jewellers.

(United Press Assn.—Copyright.) (Received Jan. 11, 9.30 p.m.) Further discussion on the proposal to scrap the Gisborne tramways and substitute a motor-bus service was held at a meeting of the Borough Council last evening when Cr. H. H. DeCosta's notice of motion came before the meeting. The motion read: That in view of the decision of the ratepayers to discontinue the tramway service, as declared by the recent poll, the council give consideration to the question of placing the running of the service on a sound basis and that a committee be appointed to go into the matter and report. The position was explained at length and a number of members spoke in favour of the proposal, while others thought the matter should be held over until the full figures were available. After discussion it was resolved that the motion lie on the table until the next meeting of the council. —P.A.

(United Press Assn.—Copyright.) (Received Jan. 11, 9.30 p.m.) Further discussion on the proposal to scrap the Gisborne tramways and substitute a motor-bus service was held at a meeting of the Borough Council last evening when Cr. H. H. DeCosta's notice of motion came before the meeting. The motion read: That in view of the decision of the ratepayers to discontinue the tramway service, as declared by the recent poll, the council give consideration to the question of placing the running of the service on a sound basis and that a committee be appointed to go into the matter and report. The position was explained at length and a number of members spoke in favour of the proposal, while others thought the matter should be held over until the full figures were available. After discussion it was resolved that the motion lie on the table until the next meeting of the council. —P.A.

(United Press Assn.—Copyright.) (Received Jan. 11, 9.30 p.m.) Further discussion on the proposal to scrap the Gisborne tramways and substitute a motor-bus service was held at a meeting of the Borough Council last evening when Cr. H. H. DeCosta's notice of motion came before the meeting. The motion read: That in view of the decision of the ratepayers to discontinue the tramway service, as declared by the recent poll, the council give consideration to the question of placing the running of the service on a sound basis and that a committee be appointed to go into the matter and report. The position was explained at length and a number of members spoke in favour of the proposal, while others thought the matter should be held over until the full figures were available. After discussion it was resolved that the motion lie on the table until the next meeting of the council. —P.A.

(United Press Assn.—Copyright.) (Received Jan. 11, 9.30 p.m.) Further discussion on the proposal to scrap the Gisborne tramways and substitute a motor-bus service was held at a meeting of the Borough Council last evening when Cr. H. H. DeCosta's notice of motion came before the meeting. The motion read: That in view of the decision of the ratepayers to discontinue the tramway service, as declared by the recent poll, the council give consideration to the question of placing the running of the service on a sound basis and that a committee be appointed to go into the matter and report. The position was explained at length and a number of members spoke in favour of the proposal, while others thought the matter should be held over until the full figures were available. After discussion it was resolved that the motion lie on the table until the next meeting of the council. —P.A.

(United Press Assn.—Copyright.) (Received Jan. 11, 9.30 p.m.) Further discussion on the proposal to scrap the Gisborne tramways and substitute a motor-bus service was held at a meeting of the Borough Council last evening when Cr. H. H. DeCosta's notice of motion came before the meeting. The motion read: That in view of the decision of the ratepayers to discontinue the tramway service, as declared by the recent poll, the council give consideration to the question of placing the running of the service on a sound basis and that a committee be appointed to go into the matter and report. The position was explained at length and a number of members spoke in favour of the proposal, while others thought the matter should be held over until the full figures were available. After discussion it was resolved that the motion lie on the table until the next meeting of the council. —P.A.

(United Press Assn.—Copyright.) (Received Jan. 11, 9.30 p.m.) Further discussion on the proposal to scrap the Gisborne tramways and substitute a motor-bus service was held at a meeting of the Borough Council last evening when Cr. H. H. DeCosta's notice of motion came before the meeting. The motion read: That in view of the decision of the ratepayers to discontinue the tramway service, as declared by the recent poll, the council give consideration to the question of placing the running of the service on a sound basis and that a committee be appointed to go into the matter and report. The position was explained at length and a number of members spoke in favour of the proposal, while others thought the matter should be held over until the full figures were available. After discussion it was resolved that the motion lie on the table until the next meeting of the council. —P.A.

(United Press Assn.—Copyright.) (Received Jan. 11, 9.30 p.m.) Further discussion on the proposal to scrap the Gisborne tramways and substitute a motor-bus service was held at a meeting of the Borough Council last evening when Cr. H. H. DeCosta's notice of motion came before the meeting. The motion read: That in view of the decision of the ratepayers to discontinue the tramway service, as declared by the recent poll, the council give consideration to the question of placing the running of the service on a sound basis and that a committee be appointed to go into the matter and report. The position was explained at length and a number of members spoke in favour of the proposal, while others thought the matter should be held over until the full figures were available. After discussion it was resolved that the motion lie on the table until the next meeting of the council. —P.A.

(United Press Assn.—Copyright.) (Received Jan. 11, 9.30 p.m.) Further discussion on the proposal to scrap the Gisborne tramways and substitute a motor-bus service was held at a meeting of the Borough Council last evening when Cr. H. H. DeCosta's notice of motion came before the meeting. The motion read: That in view of the decision of the ratepayers to discontinue the tramway service, as declared by the recent poll, the council give consideration to the question of placing the running of the service on a sound basis and that a committee be appointed to go into the matter and report. The position was explained at length and a number of members spoke in favour of the proposal, while others thought the matter should be held over until the full figures were available. After discussion it was resolved that the motion lie on the table until the next meeting of the council. —P.A.

DEATH OF CHILD
THE INQUEST ON JOAN SMITH
BOY ACCUSED OF MURDER.

(United Press Assn.—Copyright.) (Received Jan. 11, 9.30 p.m.) Further discussion on the proposal to scrap the Gisborne tramways and substitute a motor-bus service was held at a meeting of the Borough Council last evening when Cr. H. H. DeCosta's notice of motion came before the meeting. The motion read: That in view of the decision of the ratepayers to discontinue the tramway service, as declared by the recent poll, the council give consideration to the question of placing the running of the service on a sound basis and that a committee be appointed to go into the matter and report. The position was explained at length and a number of members spoke in favour of the proposal, while others thought the matter should be held over until the full figures were available. After discussion it was resolved that the motion lie on the table until the next meeting of the council. —P.A.

HUGHES COMMITTED FOR TRIAL
CHARGE OF MALICIOUS MURDER.
SYDNEY, JAN. 11.

(United Press Assn.—Copyright.) (Received Jan. 11, 9.30 p.m.) Further discussion on the proposal to scrap the Gisborne tramways and substitute a motor-bus service was held at a meeting of the Borough Council last evening when Cr. H. H. DeCosta's notice of motion came before the meeting. The motion read: That in view of the decision of the ratepayers to discontinue the tramway service, as declared by the recent poll, the council give consideration to the question of placing the running of the service on a sound basis and that a committee be appointed to go into the matter and report. The position was explained at length and a number of members spoke in favour of the proposal, while others thought the matter should be held over until the full figures were available. After discussion it was resolved that the motion lie on the table until the next meeting of the council. —P.A.

NICARAGUAN REVOLT
AMERICA'S POLICY. SPECIAL MESSAGE BY COOLIDGE.
WASHINGTON, JAN. 10.

(United Press Assn.—Copyright.) (Received Jan. 11, 9.30 p.m.) Further discussion on the proposal to scrap the Gisborne tramways and substitute a motor-bus service was held at a meeting of the Borough Council last evening when Cr. H. H. DeCosta's notice of motion came before the meeting. The motion read: That in view of the decision of the ratepayers to discontinue the tramway service, as declared by the recent poll, the council give consideration to the question of placing the running of the service on a sound basis and that a committee be appointed to go into the matter and report. The position was explained at length and a number of members spoke in favour of the proposal, while others thought the matter should be held over until the full figures were available. After discussion it was resolved that the motion lie on the table until the next meeting of the council. —P.A.

CAN'T BE BELIEVED
WITNESS IN CRIMINAL CONSPIRACY CHARGE.
NEW YORK, JAN. 10.

(United Press Assn.—Copyright.) (Received Jan. 11, 9.30 p.m.) Further discussion on the proposal to scrap the Gisborne tramways and substitute a motor-bus service was held at a meeting of the Borough Council last evening when Cr. H. H. DeCosta's notice of motion came before the meeting. The motion read: That in view of the decision of the ratepayers to discontinue the tramway service, as declared by the recent poll, the council give consideration to the question of placing the running of the service on a sound basis and that a committee be appointed to go into the matter and report. The position was explained at length and a number of members spoke in favour of the proposal, while others thought the matter should be held over until the full figures were available. After discussion it was resolved that the motion lie on the table until the next meeting of the council. —P.A.

WAS IT DEATH PACT?
BODIES OF MAN AND GIRL IN CAVE.
LONDON, JAN. 10.

(United Press Assn.—Copyright.) (Received Jan. 11, 9.30 p.m.) Further discussion on the proposal to scrap the Gisborne tramways and substitute a motor-bus service was held at a meeting of the Borough Council last evening when Cr. H. H. DeCosta's notice of motion came before the meeting. The motion read: That in view of the decision of the ratepayers to discontinue the tramway service, as declared by the recent poll, the council give consideration to the question of placing the running of the service on a sound basis and that a committee be appointed to go into the matter and report. The position was explained at length and a number of members spoke in favour of the proposal, while others thought the matter should be held over until the full figures were available. After discussion it was resolved that the motion lie on the table until the next meeting of the council. —P.A.

YACHTING
SANDERS CUP.
AUCKLAND, JAN. 11.

(United Press Assn.—Copyright.) (Received Jan. 11, 9.30 p.m.) Further discussion on the proposal to scrap the Gisborne tramways and substitute a motor-bus service was held at a meeting of the Borough Council last evening when Cr. H. H. DeCosta's notice of motion came before the meeting. The motion read: That in view of the decision of the ratepayers to discontinue the tramway service, as declared by the recent poll, the council give consideration to the question of placing the running of the service on a sound basis and that a committee be appointed to go into the matter and report. The position was explained at length and a number of members spoke in favour of the proposal, while others thought the matter should be held over until the full figures were available. After discussion it was resolved that the motion lie on the table until the next meeting of the council. —P.A.

SANDER'S EUCALYPTI EXTRACT

(United Press Assn.—Copyright.) (Received Jan. 11, 9.30 p.m.) Further discussion on the proposal to scrap the Gisborne tramways and substitute a motor-bus service was held at a meeting of the Borough Council last evening when Cr. H. H. DeCosta's notice of motion came before the meeting. The motion read: That in view of the decision of the ratepayers to discontinue the tramway service, as declared by the recent poll, the council give consideration to the question of placing the running of the service on a sound basis and that a committee be appointed to go into the matter and report. The position was explained at length and a number of members spoke in favour of the proposal, while others thought the matter should be held over until the full figures were available. After discussion it was resolved that the motion lie on the table until the next meeting of the council. —P.A.

(United Press Assn.—Copyright.) (Received Jan. 11, 9.30 p.m.) Further discussion on the proposal to scrap the Gisborne tramways and substitute a motor-bus service was held at a meeting of the Borough Council last evening when Cr. H. H. DeCosta's notice of motion came before the meeting. The motion read: That in view of the decision of the ratepayers to discontinue the tramway service, as declared by the recent poll, the council give consideration to the question of placing the running of the service on a sound basis and that a committee be appointed to go into the matter and report. The position was explained at length and a number of members spoke in favour of the proposal, while others thought the matter should be held over until the full figures were available. After discussion it was resolved that the motion lie on the table until the next meeting of the council. —P.A.

(United Press Assn.—Copyright.) (Received Jan. 11, 9.30 p.m.) Further discussion on the proposal to scrap the Gisborne tramways and substitute a motor-bus service was held at a meeting of the Borough Council last evening when Cr. H. H. DeCosta's notice of motion came before the meeting. The motion read: That in view of the decision of the ratepayers to discontinue the tramway service, as declared by the recent poll, the council give consideration to the question of placing the running of the service on a sound basis and that a committee be appointed to go into the matter and report. The position was explained at length and a number of members spoke in favour of the proposal, while others thought the matter should be held over until the full figures were available. After discussion it was resolved that the motion lie on the table until the next meeting of the council. —P.A.

(United Press Assn.—Copyright.) (Received Jan. 11, 9.30 p.m.) Further discussion on the proposal to scrap the Gisborne tramways and substitute a motor-bus service was held at a meeting of the Borough Council last evening when Cr. H. H. DeCosta's notice of motion came before the meeting. The motion read: That in view of the decision of the ratepayers to discontinue the tramway service, as declared by the recent poll, the council give consideration to the question of placing the running of the service on a sound basis and that a committee be appointed to go into the matter and report. The position was explained at length and a number of members spoke in favour of the proposal, while others thought the matter should be held over until the full figures were available. After discussion it was resolved that the motion lie on the table until the next meeting of the council. —P.A.

(United Press Assn.—Copyright.) (Received Jan. 11, 9.30 p.m.) Further discussion on the proposal to scrap the Gisborne tramways and substitute a motor-bus service was held at a meeting of the Borough Council last evening when Cr. H. H. DeCosta's notice of motion came before the meeting. The motion read: That in view of the decision of the ratepayers to discontinue the tramway service, as declared by the recent poll, the council give consideration to the question of placing the running of the service on a sound basis and that a committee be appointed to go into the matter and report. The position was explained at length and a number of members spoke in favour of the proposal, while others thought the matter should be held over until the full figures were available. After discussion it was resolved that the motion lie on the table until the next meeting of the council. —P.A.

(United Press Assn.—Copyright.) (Received Jan. 11, 9.30 p.m.) Further discussion on the proposal to scrap the Gisborne tramways and substitute a motor-bus service was held at a meeting of the Borough Council last evening when Cr. H. H. DeCosta's notice of motion came before the meeting. The motion read: That in view of the decision of the ratepayers to discontinue the tramway service, as declared by the recent poll, the council give consideration to the question of placing the running of the service on a sound basis and that a committee be appointed to go into the matter and report. The position was explained at length and a number of members spoke in favour of the proposal, while others thought the matter should be held over until the full figures were available. After discussion it was resolved that the motion lie on the table until the next meeting of the council. —P.A.

(United Press Assn.—Copyright.) (Received Jan. 11, 9.30 p.m.) Further discussion on the proposal to scrap the Gisborne tramways and substitute a motor-bus service was held at a meeting of the Borough Council last evening when Cr. H. H. DeCosta's notice of motion came before the meeting. The motion read: That in view of the decision of the ratepayers to discontinue the tramway service, as declared by the recent poll, the council give consideration to the question of placing the running of the service on a sound basis and that a committee be appointed to go into the matter and report. The position was explained at length and a number of members spoke in favour of the proposal, while others thought the matter should be held over until the full figures were available. After discussion it was resolved that the motion lie on the table until the next meeting of the council. —P.A.

(United Press Assn.—Copyright.) (Received Jan. 11, 9.30 p.m.) Further discussion on the proposal to scrap the Gisborne tramways and substitute a motor-bus service was held at a meeting of the Borough Council last evening when Cr. H. H. DeCosta's notice of motion came before the meeting. The motion read: That in view of the decision of the ratepayers to discontinue the tramway service, as declared by the recent poll, the council give consideration to the question of placing the running of the service on a sound basis and that a committee be appointed to go into the matter and report. The position was explained at length and a number of members spoke in favour of the proposal, while others thought the matter should be held over until the full figures were available. After discussion it was resolved that the motion lie on the table until the next meeting of the council. —P.A.

DEADLY CANCER
DISCOVERY OF NEW AND POWERFUL SERUM
KILLS CELLS IN TEST TUBES.
NOT YET APPLICABLE TO HUMAN PATIENTS.

(United Press Assn.—Copyright.) (Received Jan. 11, 9.30 p.m.) Further discussion on the proposal to scrap the Gisborne tramways and substitute a motor-bus service was held at a meeting of the Borough Council last evening when Cr. H. H. DeCosta's notice of motion came before the meeting. The motion read: That in view of the decision of the ratepayers to discontinue the tramway service, as declared by the recent poll, the council give consideration to the question of placing the running of the service on a sound basis and that a committee be appointed to go into the matter and report. The position was explained at length and a number of members spoke in favour of the proposal, while others thought the matter should be held over until the full figures were available. After discussion it was resolved that the motion lie on the table until the next meeting of the council. —P.A.

ROME SENSATION
ARISTOCRATS CHARGED WITH SELLING CROWN DIPLOMA.
ROME, JAN. 10.

(United Press Assn.—Copyright.) (Received Jan. 11, 9.30 p.m.) Further discussion on the proposal to scrap the Gisborne tramways and substitute a motor-bus service was held at a meeting of the Borough Council last evening when Cr. H. H. DeCosta's notice of motion came before the meeting. The motion read: That in view of the decision of the ratepayers to discontinue the tramway service, as declared by the recent poll, the council give consideration to the question of placing the running of the service on a sound basis and that a committee be appointed to go into the matter and report. The position was explained at length and a number of members spoke in favour of the proposal, while others thought the matter should be held over until the full figures were available. After discussion it was resolved that the motion lie on the table until the next meeting of the council. —P.A.

ACCIDENTS & DEATHS
FATALLY INJURED BY CAR. CHILD KNOCKED DOWN IN STREET.
WELLINGTON, JAN. 11.

(United Press Assn.—Copyright.) (Received Jan. 11, 9.30 p.m.) Further discussion on the proposal to scrap the Gisborne tramways and substitute a motor-bus service was held at a meeting of the Borough Council last evening when Cr. H. H. DeCosta's notice of motion came before the meeting. The motion read: That in view of the decision of the ratepayers to discontinue the tramway service, as declared by the recent poll, the council give consideration to the question of placing the running of the service on a sound basis and that a committee be appointed to go into the matter and report. The position was explained at length and a number of members spoke in favour of the proposal, while others thought the matter should be held over until the full figures were available. After discussion it was resolved that the motion lie on the table until the next meeting of the council. —P.A.

RUN DOWN BY BALLAST TRAIN
RAILWAY FITTER KILLED.
NAPIER, JAN. 11.

(United Press Assn.—Copyright.) (Received Jan. 11, 9.30 p.m.) Further discussion on the proposal to scrap the Gisborne tramways and substitute a motor-bus service was held at a meeting of the Borough Council last evening when Cr. H. H. DeCosta's notice of motion came before the meeting. The motion read: That in view of the decision of the ratepayers to discontinue the tramway service, as declared by the recent poll, the council give consideration to the question of placing the running of the service on a sound basis and that a committee be appointed to go into the matter and report. The position was explained at length and a number of members spoke in favour of the proposal, while others thought the matter should be held over until the full figures were available. After discussion it was resolved that the motion lie on the table until the next meeting of the council. —P.A.

FOUND HANGED
DUNEDIN, JAN. 11.

(United Press Assn.—Copyright.) (Received Jan. 11, 9.30 p.m.) Further discussion on the proposal to scrap the Gisborne tramways and substitute a motor-bus service was held at a meeting of the Borough Council last evening when Cr. H. H. DeCosta's notice of motion came before the meeting. The motion read: That in view of the decision of the ratepayers to discontinue the tramway service, as declared by the recent poll, the council give consideration to the question of placing the running of the service on a sound basis and that a committee be appointed to go into the matter and report. The position was explained at length and a number of members spoke in favour of the proposal, while others thought the matter should be held over until the full figures were available. After discussion it was resolved that the motion lie on the table until the next meeting of the council. —P.A.

FATAL FALL FROM HORSE
AUCKLAND, JAN. 11.

(United Press Assn.—Copyright.) (Received Jan. 11, 9.30 p.m.) Further discussion on the proposal to scrap the Gisborne tramways and substitute a motor-bus service was held at a meeting of the Borough Council last evening when Cr. H. H. DeCosta's notice of motion came before the meeting. The motion read: That in view of the decision of the ratepayers to discontinue the tramway service, as declared by the recent poll, the council give consideration to the question of placing the running of the service on a sound basis and that a committee be appointed to go into the matter and report. The position was explained at length and a number of members spoke in favour of the proposal, while others thought the matter should be held over until the full figures were available. After discussion it was resolved that the motion lie on the table until the next meeting of the council. —P.A.

—LINOLEUMS—
HUMPHREY'S FURNITURE WAREHOUSE

(United Press Assn.—Copyright.) (Received Jan. 11, 9.30 p.m.) Further discussion on the proposal to scrap the Gisborne tramways and substitute a motor-bus service was held at a meeting of the Borough Council last evening when Cr. H. H. DeCosta's notice of motion came before the meeting. The motion read: That in view of the decision of the ratepayers to discontinue the tramway service, as declared by the recent poll, the council give consideration to the question of placing the running of the service on a sound basis and that a committee be appointed to go into the matter and report. The position was explained at length and a number of members spoke in favour of the proposal, while others thought the matter should be held over until the full figures were available. After discussion it was resolved that the motion lie on the table until the next meeting of the council. —P.A.

(United Press Assn.—Copyright.) (Received Jan. 11, 9.30 p.m.) Further discussion on the proposal to scrap the Gisborne tramways and substitute a motor-bus service was held at a meeting of the Borough Council last evening when Cr. H. H. DeCosta's notice of motion came before the meeting. The motion read: That in view of the decision of the ratepayers to discontinue the tramway service, as declared by the recent poll, the council give consideration to the question of placing the running of the service on a sound basis and that a committee be appointed to go into the matter and report. The position was explained at length and a number of members spoke in favour of the proposal, while others thought the matter should be held over until the full figures were available. After discussion it was resolved that the motion lie on the table until the next meeting of the council. —P.A.

(United Press Assn.—Copyright.) (Received Jan. 11, 9.30 p.m.) Further discussion on the proposal to scrap the Gisborne tramways and substitute a motor-bus service was held at a meeting of the Borough Council last evening when Cr. H. H. DeCosta's notice of motion came before the meeting. The motion read: That in view of the decision of the ratepayers to discontinue the tramway service, as declared by the recent poll, the council give consideration to the question of placing the running of the service on a sound basis and that a committee be appointed to go into the matter and report. The position was explained at length and a number of members spoke in favour of the proposal, while others thought the matter should be held over until the full figures were available. After discussion it was resolved that the motion lie on the table until the next meeting of the council. —P.A.

(United Press Assn.—Copyright.) (Received Jan. 11, 9.30 p.m.) Further discussion on the proposal to scrap the Gisborne tramways and substitute a motor-bus service was held at a meeting of the Borough Council last evening when Cr. H. H. DeCosta's notice of motion came before the meeting. The motion read: That in view of the decision of the ratepayers to discontinue the tramway service, as declared by the recent poll, the council give consideration to the question of placing the running of the service on a sound basis and that a committee be appointed to go into the matter and report. The position was explained at length and a number of members spoke in favour of the proposal, while others thought the matter should be held over until the full figures were available. After discussion it was resolved that the motion lie on the table until the next meeting of the council. —P.A.

(United Press Assn.—Copyright.) (Received Jan. 11, 9.30 p.m.) Further discussion on the proposal to scrap the Gisborne tramways and substitute a motor-bus service was held at a meeting of the Borough Council last evening when Cr. H. H. DeCosta's notice of motion came before the meeting. The motion read: That in view of the decision of the ratepayers to discontinue the tramway service, as declared by the recent poll, the council give consideration to the question of placing the running of the service on a sound basis and that a committee be appointed to go into the matter and report. The position was explained at length and a number of members spoke in favour of the proposal, while others thought the matter should be held over until the full figures were available. After discussion it was resolved that the motion lie on the table until the next meeting of the council. —P.A.

(United Press Assn.—Copyright.) (Received Jan. 11, 9.30 p.m.) Further discussion on the proposal to scrap the Gisborne tramways and substitute a motor-bus service was held at a meeting of the Borough Council last evening when Cr. H. H. DeCosta's notice of motion came before the meeting. The motion read: That in view of the decision of the ratepayers to discontinue the tramway service, as declared by the recent poll, the council give consideration to the question of placing the running of the service on a sound basis and that a committee be appointed to go into the matter and report. The position was explained at length and a number of members spoke in favour of the proposal, while others thought the matter should be held over until the full figures were available. After discussion it was resolved that the motion lie on the table until the next meeting of the council. —P.A.

(United Press Assn.—Copyright.) (Received Jan. 11, 9.30 p.m.) Further discussion on the proposal to scrap the Gisborne tramways and substitute a motor-bus service was held at a meeting of the Borough Council last evening when Cr. H. H. DeCosta's notice of motion came before the meeting. The motion read: That in view of the decision of the ratepayers to discontinue the tramway service, as declared by the recent poll, the council give consideration to the question of placing the running of the service on a sound basis and that a committee be appointed to go into the matter and report. The position was explained at length and a number of members spoke in favour of the proposal, while others thought the matter should be held over until the full figures were available. After discussion it was resolved that the motion lie on the table until the next meeting of the council. —P.A.

(United Press Assn.—Copyright.) (Received Jan. 11, 9.30 p.m.) Further discussion on the proposal to scrap the Gisborne tramways and substitute a motor-bus service was held at a meeting of the Borough Council last evening when Cr. H. H. DeCosta's notice of motion came before the meeting. The motion read: That in view of the decision of the ratepayers to discontinue the tramway service, as declared by the recent poll, the council give consideration to the question of placing the running of the service on a sound basis and that a committee be appointed to go into the matter and report. The position was explained at length and a number of members spoke in favour of the proposal, while others thought the matter should be held over until the full figures were available. After discussion it was resolved that the motion lie on the table until the next meeting of the council. —P.A.
